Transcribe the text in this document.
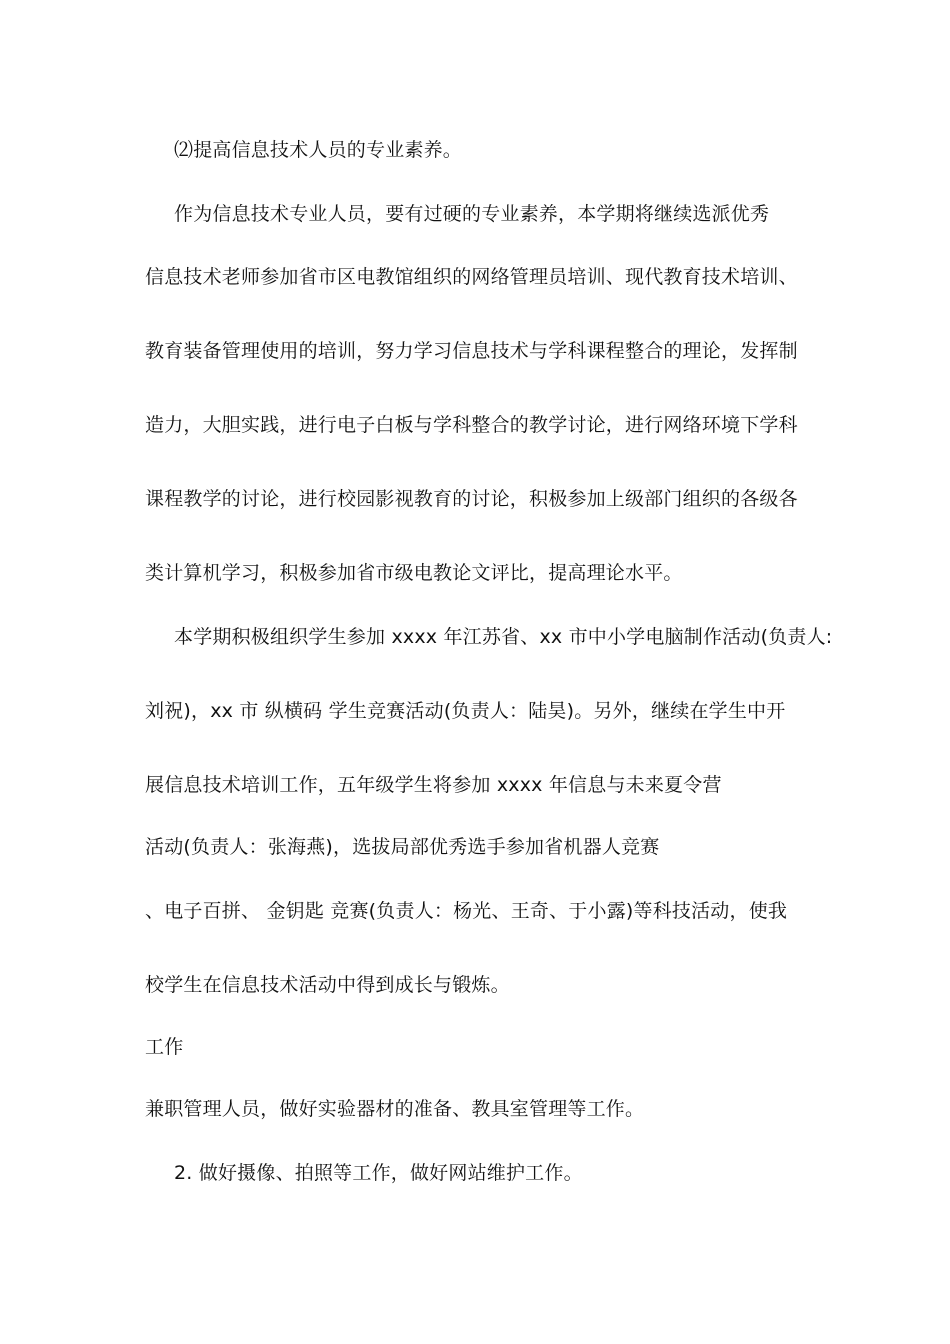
⑵提高信息技术人员的专业素养。
作为信息技术专业人员，要有过硬的专业素养，本学期将继续选派优秀
信息技术老师参加省市区电教馆组织的网络管理员培训、现代教育技术培训、
教育装备管理使用的培训，努力学习信息技术与学科课程整合的理论，发挥制
造力，大胆实践，进行电子白板与学科整合的教学讨论，进行网络环境下学科
课程教学的讨论，进行校园影视教育的讨论，积极参加上级部门组织的各级各
类计算机学习，积极参加省市级电教论文评比，提高理论水平。
本学期积极组织学生参加 xxxx 年江苏省、xx 市中小学电脑制作活动(负责人:
刘祝)，xx 市 纵横码 学生竞赛活动(负责人：陆昊)。另外，继续在学生中开
展信息技术培训工作，五年级学生将参加 xxxx 年信息与未来夏令营
活动(负责人：张海燕)，选拔局部优秀选手参加省机器人竞赛
、电子百拼、 金钥匙 竞赛(负责人：杨光、王奇、于小露)等科技活动，使我
校学生在信息技术活动中得到成长与锻炼。
工作
兼职管理人员，做好实验器材的准备、教具室管理等工作。
2. 做好摄像、拍照等工作，做好网站维护工作。
